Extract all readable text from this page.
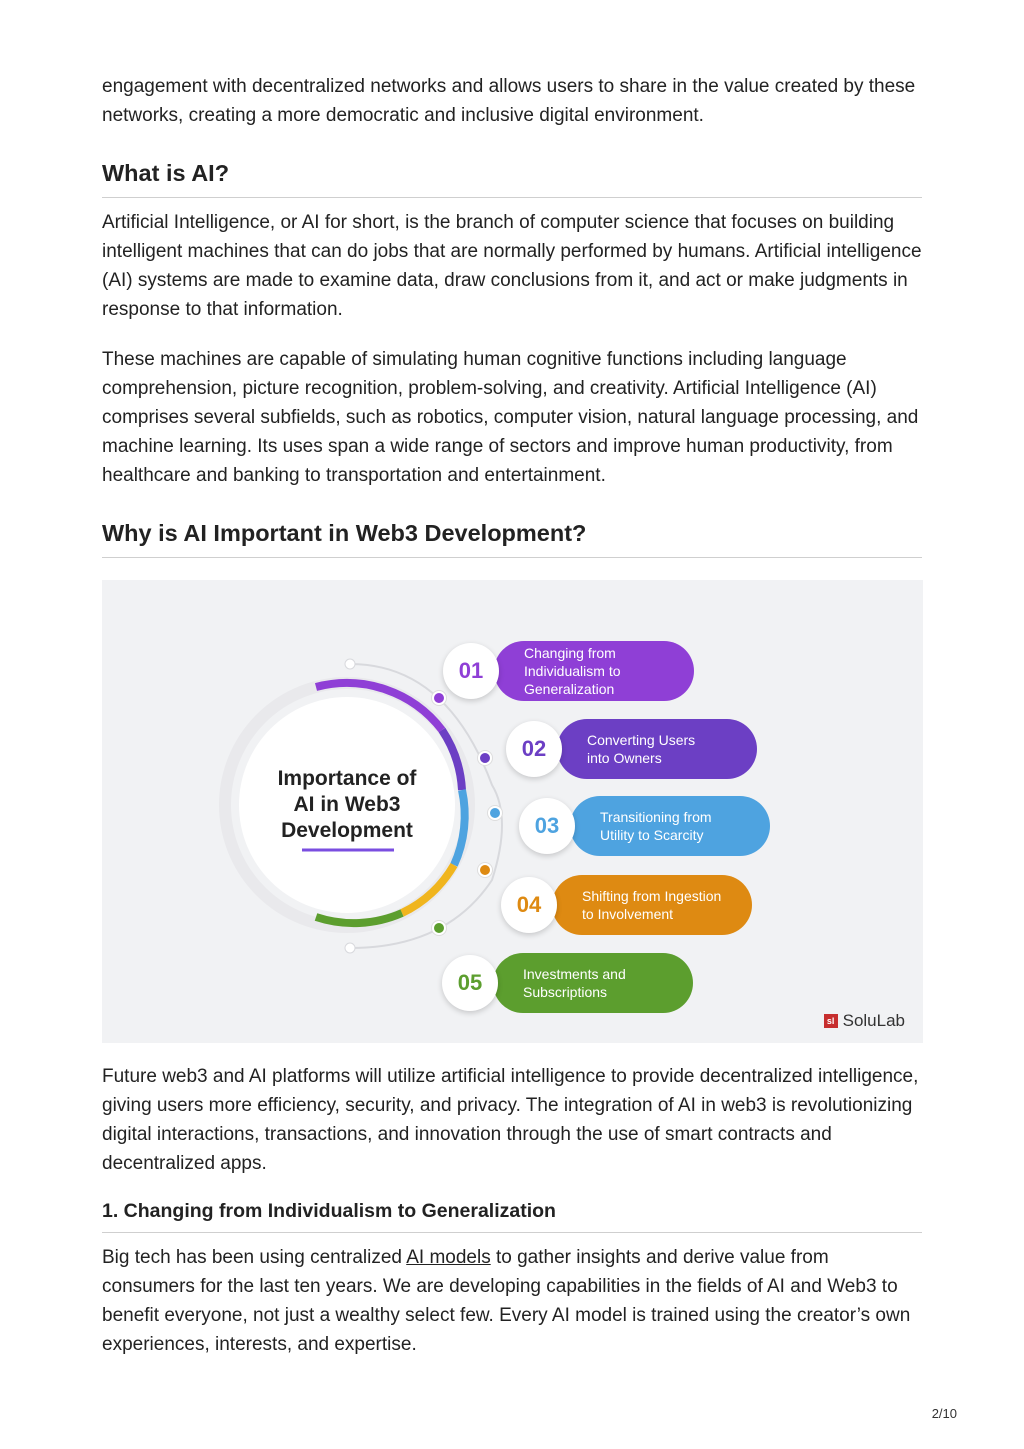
engagement with decentralized networks and allows users to share in the value created by these networks, creating a more democratic and inclusive digital environment.

What is AI?

Artificial Intelligence, or AI for short, is the branch of computer science that focuses on building intelligent machines that can do jobs that are normally performed by humans. Artificial intelligence (AI) systems are made to examine data, draw conclusions from it, and act or make judgments in response to that information.

These machines are capable of simulating human cognitive functions including language comprehension, picture recognition, problem-solving, and creativity. Artificial Intelligence (AI) comprises several subfields, such as robotics, computer vision, natural language processing, and machine learning. Its uses span a wide range of sectors and improve human productivity, from healthcare and banking to transportation and entertainment.

Why is AI Important in Web3 Development?

Future web3 and AI platforms will utilize artificial intelligence to provide decentralized intelligence, giving users more efficiency, security, and privacy. The integration of AI in web3 is revolutionizing digital interactions, transactions, and innovation through the use of smart contracts and decentralized apps.

1. Changing from Individualism to Generalization

Big tech has been using centralized AI models to gather insights and derive value from consumers for the last ten years. We are developing capabilities in the fields of AI and Web3 to benefit everyone, not just a wealthy select few. Every AI model is trained using the creator’s own experiences, interests, and expertise.

Importance of
AI in Web3
Development
Changing from
Individualism to
Generalization
01
Converting Users
into Owners
02
Transitioning from
Utility to Scarcity
03
Shifting from Ingestion
to Involvement
04
Investments and
Subscriptions
05
sl SoluLab
2/10
